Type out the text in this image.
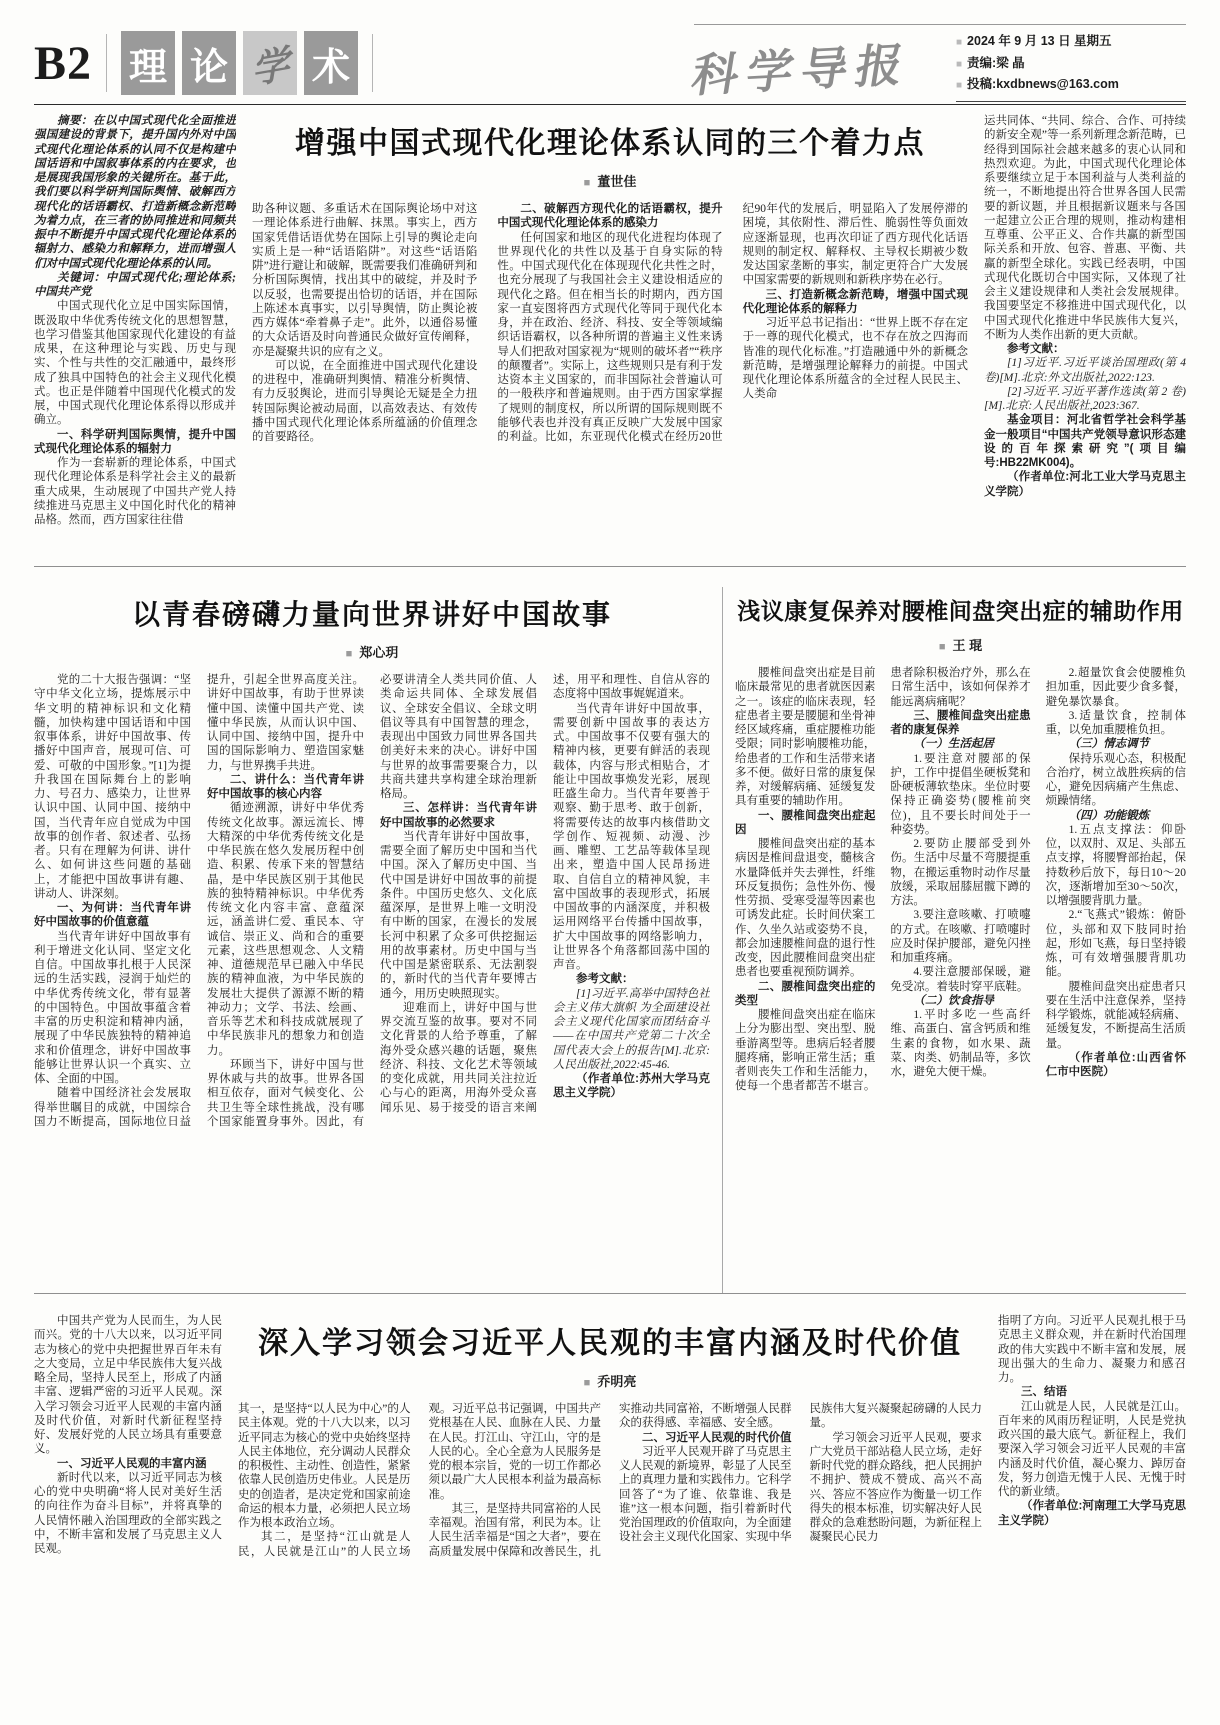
B2 理 论 学 术	科学导报	■ 2024 年 9 月 13 日 星期五
■ 责编:梁 晶
■ 投稿:kxdbnews@163.com

摘要：在以中国式现代化全面推进强国建设的背景下，提升国内外对中国式现代化理论体系的认同不仅是构建中国话语和中国叙事体系的内在要求，也是展现我国形象的关键所在。基于此，我们要以科学研判国际舆情、破解西方现代化的话语霸权、打造新概念新范畴为着力点，在三者的协同推进和同频共振中不断提升中国式现代化理论体系的辐射力、感染力和解释力，进而增强人们对中国式现代化理论体系的认同。

关键词：中国式现代化;理论体系;中国共产党

中国式现代化立足中国实际国情，既汲取中华优秀传统文化的思想智慧，也学习借鉴其他国家现代化建设的有益成果，在这种理论与实践、历史与现实、个性与共性的交汇融通中，最终形成了独具中国特色的社会主义现代化模式。也正是伴随着中国现代化模式的发展，中国式现代化理论体系得以形成并确立。

一、科学研判国际舆情，提升中国式现代化理论体系的辐射力

作为一套崭新的理论体系，中国式现代化理论体系是科学社会主义的最新重大成果，生动展现了中国共产党人持续推进马克思主义中国化时代化的精神品格。然而，西方国家往往借

增强中国式现代化理论体系认同的三个着力点
■ 董世佳

助各种议题、多重话术在国际舆论场中对这一理论体系进行曲解、抹黑。事实上，西方国家凭借话语优势在国际上引导的舆论走向实质上是一种“话语陷阱”。对这些“话语陷阱”进行避让和破解，既需要我们准确研判和分析国际舆情，找出其中的破绽，并及时予以反驳，也需要提出恰切的话语，并在国际上陈述本真事实，以引导舆情，防止舆论被西方媒体“牵着鼻子走”。此外，以通俗易懂的大众话语及时向普通民众做好宣传阐释，亦是凝聚共识的应有之义。

可以说，在全面推进中国式现代化建设的进程中，准确研判舆情、精准分析舆情、有力反驳舆论，进而引导舆论无疑是全力扭转国际舆论被动局面，以高效表达、有效传播中国式现代化理论体系所蕴涵的价值理念的首要路径。

二、破解西方现代化的话语霸权，提升中国式现代化理论体系的感染力

任何国家和地区的现代化进程均体现了世界现代化的共性以及基于自身实际的特性。中国式现代化在体现现代化共性之时，也充分展现了与我国社会主义建设相适应的现代化之路。但在相当长的时期内，西方国家一直妄图将西方式现代化等同于现代化本身，并在政治、经济、科技、安全等领域编织话语霸权，以各种所谓的普遍主义性来诱导人们把敌对国家视为“规则的破坏者”“秩序的颠覆者”。实际上，这些规则只是有利于发达资本主义国家的，而非国际社会普遍认可的一般秩序和普遍规则。由于西方国家掌握了规则的制度权，所以所谓的国际规则既不能够代表也并没有真正反映广大发展中国家的利益。比如，东亚现代化模式在经历20世纪90年代的发展后，明显陷入了发展停滞的困境，其依附性、滞后性、脆弱性等负面效应逐渐显现，也再次印证了西方现代化话语规则的制定权、解释权、主导权长期被少数发达国家垄断的事实，制定更符合广大发展中国家需要的新规则和新秩序势在必行。

三、打造新概念新范畴，增强中国式现代化理论体系的解释力

习近平总书记指出：“世界上既不存在定于一尊的现代化模式，也不存在放之四海而皆准的现代化标准。”打造融通中外的新概念新范畴，是增强理论解释力的前提。中国式现代化理论体系所蕴含的全过程人民民主、人类命

运共同体、“共同、综合、合作、可持续的新安全观”等一系列新理念新范畴，已经得到国际社会越来越多的衷心认同和热烈欢迎。为此，中国式现代化理论体系要继续立足于本国利益与人类利益的统一，不断地提出符合世界各国人民需要的新议题，并且根据新议题来与各国一起建立公正合理的规则，推动构建相互尊重、公平正义、合作共赢的新型国际关系和开放、包容、普惠、平衡、共赢的新型全球化。实践已经表明，中国式现代化既切合中国实际，又体现了社会主义建设规律和人类社会发展规律。我国要坚定不移推进中国式现代化，以中国式现代化推进中华民族伟大复兴，不断为人类作出新的更大贡献。

参考文献：

[1]习近平.习近平谈治国理政(第 4 卷)[M].北京:外文出版社,2022:123.

[2]习近平.习近平著作选读(第 2 卷)[M].北京:人民出版社,2023:367.

基金项目：河北省哲学社会科学基金一般项目“中国共产党领导意识形态建设的百年探索研究”(项目编号:HB22MK004)。

（作者单位:河北工业大学马克思主义学院）

以青春磅礴力量向世界讲好中国故事
■ 郑心玥

党的二十大报告强调：“坚守中华文化立场，提炼展示中华文明的精神标识和文化精髓，加快构建中国话语和中国叙事体系，讲好中国故事、传播好中国声音，展现可信、可爱、可敬的中国形象。”[1]为提升我国在国际舞台上的影响力、号召力、感染力，让世界认识中国、认同中国、接纳中国，当代青年应自觉成为中国故事的创作者、叙述者、弘扬者。只有在理解为何讲、讲什么、如何讲这些问题的基础上，才能把中国故事讲有趣、讲动人、讲深刻。

一、为何讲：当代青年讲好中国故事的价值意蕴

当代青年讲好中国故事有利于增进文化认同、坚定文化自信。中国故事扎根于人民深远的生活实践，浸润于灿烂的中华优秀传统文化，带有显著的中国特色。中国故事蕴含着丰富的历史积淀和精神内涵，展现了中华民族独特的精神追求和价值理念，讲好中国故事能够让世界认识一个真实、立体、全面的中国。

随着中国经济社会发展取得举世瞩目的成就，中国综合国力不断提高，国际地位日益提升，引起全世界高度关注。讲好中国故事，有助于世界读懂中国、读懂中国共产党、读懂中华民族，从而认识中国、认同中国、接纳中国，提升中国的国际影响力、塑造国家魅力，与世界携手共进。

二、讲什么：当代青年讲好中国故事的核心内容

循迹溯源，讲好中华优秀传统文化故事。源远流长、博大精深的中华优秀传统文化是中华民族在悠久发展历程中创造、积累、传承下来的智慧结晶，是中华民族区别于其他民族的独特精神标识。中华优秀传统文化内容丰富、意蕴深远，涵盖讲仁爱、重民本、守诚信、崇正义、尚和合的重要元素，这些思想观念、人文精神、道德规范早已融入中华民族的精神血液，为中华民族的发展壮大提供了源源不断的精神动力；文学、书法、绘画、音乐等艺术和科技成就展现了中华民族非凡的想象力和创造力。

环顾当下，讲好中国与世界休戚与共的故事。世界各国相互依存，面对气候变化、公共卫生等全球性挑战，没有哪个国家能置身事外。因此，有必要讲清全人类共同价值、人类命运共同体、全球发展倡议、全球安全倡议、全球文明倡议等具有中国智慧的理念，表现出中国致力同世界各国共创美好未来的决心。讲好中国与世界的故事需要聚合力，以共商共建共享构建全球治理新格局。

三、怎样讲：当代青年讲好中国故事的必然要求

当代青年讲好中国故事，需要全面了解历史中国和当代中国。深入了解历史中国、当代中国是讲好中国故事的前提条件。中国历史悠久、文化底蕴深厚，是世界上唯一文明没有中断的国家，在漫长的发展长河中积累了众多可供挖掘运用的故事素材。历史中国与当代中国是紧密联系、无法割裂的，新时代的当代青年要博古通今，用历史映照现实。

迎难而上，讲好中国与世界交流互鉴的故事。要对不同文化背景的人给予尊重，了解海外受众感兴趣的话题，聚焦经济、科技、文化艺术等领域的变化成就，用共同关注拉近心与心的距离，用海外受众喜闻乐见、易于接受的语言来阐述，用平和理性、自信从容的态度将中国故事娓娓道来。

当代青年讲好中国故事，需要创新中国故事的表达方式。中国故事不仅要有强大的精神内核，更要有鲜活的表现载体，内容与形式相贴合，才能让中国故事焕发光彩，展现旺盛生命力。当代青年要善于观察、勤于思考、敢于创新，将需要传达的故事内核借助文学创作、短视频、动漫、沙画、雕塑、工艺品等载体呈现出来，塑造中国人民昂扬进取、自信自立的精神风貌，丰富中国故事的表现形式，拓展中国故事的内涵深度，并积极运用网络平台传播中国故事，扩大中国故事的网络影响力，让世界各个角落都回荡中国的声音。

参考文献：

[1]习近平.高举中国特色社会主义伟大旗帜 为全面建设社会主义现代化国家而团结奋斗——在中国共产党第二十次全国代表大会上的报告[M].北京:人民出版社,2022:45-46.

（作者单位:苏州大学马克思主义学院）

浅议康复保养对腰椎间盘突出症的辅助作用
■ 王 琨

腰椎间盘突出症是目前临床最常见的患者就医因素之一。该症的临床表现，轻症患者主要是腰腿和坐骨神经区域疼痛，重症腰椎功能受限；同时影响腰椎功能，给患者的工作和生活带来诸多不便。做好日常的康复保养，对缓解病痛、延缓复发具有重要的辅助作用。

一、腰椎间盘突出症起因

腰椎间盘突出症的基本病因是椎间盘退变，髓核含水量降低并失去弹性，纤维环反复损伤；急性外伤、慢性劳损、受寒受湿等因素也可诱发此症。长时间伏案工作、久坐久站或姿势不良，都会加速腰椎间盘的退行性改变，因此腰椎间盘突出症患者也要重视预防调养。

二、腰椎间盘突出症的类型

腰椎间盘突出症在临床上分为膨出型、突出型、脱垂游离型等。患病后轻者腰腿疼痛，影响正常生活；重者则丧失工作和生活能力，使每一个患者都苦不堪言。患者除积极治疗外，那么在日常生活中，该如何保养才能远离病痛呢？

三、腰椎间盘突出症患者的康复保养

（一）生活起居

1.要注意对腰部的保护，工作中提倡坐硬板凳和卧硬板薄软垫床。坐位时要保持正确姿势(腰椎前突位)，且不要长时间处于一种姿势。

2.要防止腰部受到外伤。生活中尽量不弯腰提重物，在搬运重物时动作尽量放缓，采取屈膝屈髋下蹲的方法。

3.要注意咳嗽、打喷嚏的方式。在咳嗽、打喷嚏时应及时保护腰部，避免闪挫和加重疼痛。

4.要注意腰部保暖，避免受凉。着装时穿平底鞋。

（二）饮食指导

1.平时多吃一些高纤维、高蛋白、富含钙质和维生素的食物，如水果、蔬菜、肉类、奶制品等，多饮水，避免大便干燥。

2.超量饮食会使腰椎负担加重，因此要少食多餐，避免暴饮暴食。

3.适量饮食，控制体重，以免加重腰椎负担。

（三）情志调节

保持乐观心态，积极配合治疗，树立战胜疾病的信心，避免因病痛产生焦虑、烦躁情绪。

（四）功能锻炼

1.五点支撑法：仰卧位，以双肘、双足、头部五点支撑，将腰臀部抬起，保持数秒后放下，每日10～20次，逐渐增加至30～50次，以增强腰背肌力量。

2.“飞燕式”锻炼：俯卧位，头部和双下肢同时抬起，形如飞燕，每日坚持锻炼，可有效增强腰背肌功能。

腰椎间盘突出症患者只要在生活中注意保养，坚持科学锻炼，就能减轻病痛、延缓复发，不断提高生活质量。

（作者单位:山西省怀仁市中医院）

中国共产党为人民而生，为人民而兴。党的十八大以来，以习近平同志为核心的党中央把握世界百年未有之大变局，立足中华民族伟大复兴战略全局，坚持人民至上，形成了内涵丰富、逻辑严密的习近平人民观。深入学习领会习近平人民观的丰富内涵及时代价值，对新时代新征程坚持好、发展好党的人民立场具有重要意义。

一、习近平人民观的丰富内涵

新时代以来，以习近平同志为核心的党中央明确“将人民对美好生活的向往作为奋斗目标”，并将真挚的人民情怀融入治国理政的全部实践之中，不断丰富和发展了马克思主义人民观。

深入学习领会习近平人民观的丰富内涵及时代价值
■ 乔明亮

其一，是坚持“以人民为中心”的人民主体观。党的十八大以来，以习近平同志为核心的党中央始终坚持人民主体地位，充分调动人民群众的积极性、主动性、创造性，紧紧依靠人民创造历史伟业。人民是历史的创造者，是决定党和国家前途命运的根本力量，必须把人民立场作为根本政治立场。

其二，是坚持“江山就是人民，人民就是江山”的人民立场观。习近平总书记强调，中国共产党根基在人民、血脉在人民、力量在人民。打江山、守江山，守的是人民的心。全心全意为人民服务是党的根本宗旨，党的一切工作都必须以最广大人民根本利益为最高标准。

其三，是坚持共同富裕的人民幸福观。治国有常，利民为本。让人民生活幸福是“国之大者”，要在高质量发展中保障和改善民生，扎实推动共同富裕，不断增强人民群众的获得感、幸福感、安全感。

二、习近平人民观的时代价值

习近平人民观开辟了马克思主义人民观的新境界，彰显了人民至上的真理力量和实践伟力。它科学回答了“为了谁、依靠谁、我是谁”这一根本问题，指引着新时代党治国理政的价值取向，为全面建设社会主义现代化国家、实现中华民族伟大复兴凝聚起磅礴的人民力量。

学习领会习近平人民观，要求广大党员干部站稳人民立场，走好新时代党的群众路线，把人民拥护不拥护、赞成不赞成、高兴不高兴、答应不答应作为衡量一切工作得失的根本标准，切实解决好人民群众的急难愁盼问题，为新征程上凝聚民心民力

指明了方向。习近平人民观扎根于马克思主义群众观，并在新时代治国理政的伟大实践中不断丰富和发展，展现出强大的生命力、凝聚力和感召力。

三、结语

江山就是人民，人民就是江山。百年来的风雨历程证明，人民是党执政兴国的最大底气。新征程上，我们要深入学习领会习近平人民观的丰富内涵及时代价值，凝心聚力、踔厉奋发，努力创造无愧于人民、无愧于时代的新业绩。

（作者单位:河南理工大学马克思主义学院）
